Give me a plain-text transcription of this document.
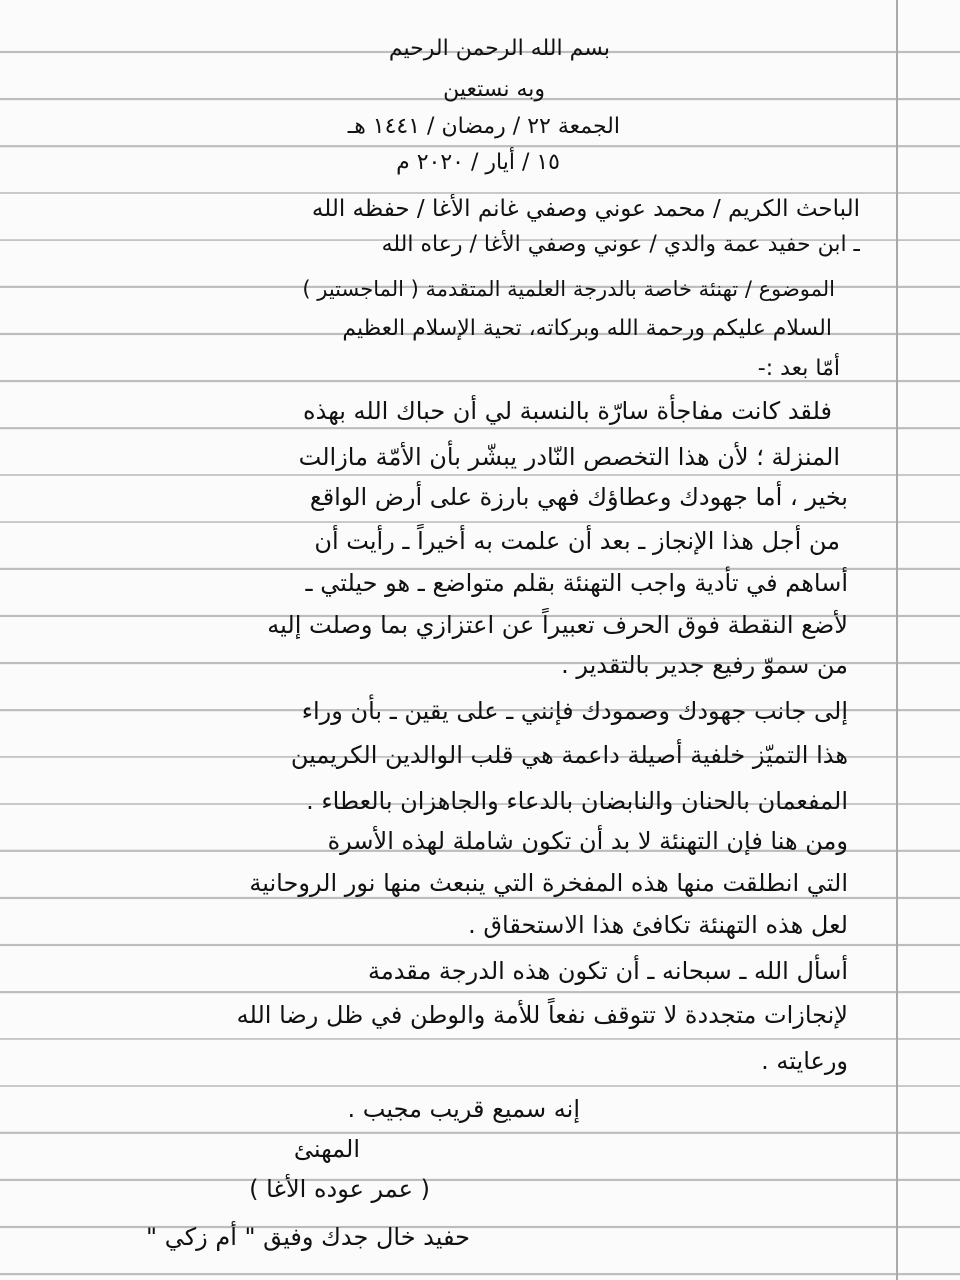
بسم الله الرحمن الرحيم
وبه نستعين
الجمعة ٢٢ / رمضان / ١٤٤١ هـ
١٥ / أيار / ٢٠٢٠ م
الباحث الكريم / محمد عوني وصفي غانم الأغا / حفظه الله
ـ ابن حفيد عمة والدي / عوني وصفي الأغا / رعاه الله
الموضوع / تهنئة خاصة بالدرجة العلمية المتقدمة ( الماجستير )
السلام عليكم ورحمة الله وبركاته، تحية الإسلام العظيم
أمّا بعد :-
فلقد كانت مفاجأة سارّة بالنسبة لي أن حباك الله بهذه
المنزلة ؛ لأن هذا التخصص النّادر يبشّر بأن الأمّة مازالت
بخير ، أما جهودك وعطاؤك فهي بارزة على أرض الواقع
من أجل هذا الإنجاز ـ بعد أن علمت به أخيراً ـ رأيت أن
أساهم في تأدية واجب التهنئة بقلم متواضع ـ هو حيلتي ـ
لأضع النقطة فوق الحرف تعبيراً عن اعتزازي بما وصلت إليه
من سموّ رفيع جدير بالتقدير .
إلى جانب جهودك وصمودك فإنني ـ على يقين ـ بأن وراء
هذا التميّز خلفية أصيلة داعمة هي قلب الوالدين الكريمين
المفعمان بالحنان والنابضان بالدعاء والجاهزان بالعطاء .
ومن هنا فإن التهنئة لا بد أن تكون شاملة لهذه الأسرة
التي انطلقت منها هذه المفخرة التي ينبعث منها نور الروحانية
لعل هذه التهنئة تكافئ هذا الاستحقاق .
أسأل الله ـ سبحانه ـ أن تكون هذه الدرجة مقدمة
لإنجازات متجددة لا تتوقف نفعاً للأمة والوطن في ظل رضا الله
ورعايته .
إنه سميع قريب مجيب .
المهنئ
( عمر عوده الأغا )
حفيد خال جدك وفيق " أم زكي "
